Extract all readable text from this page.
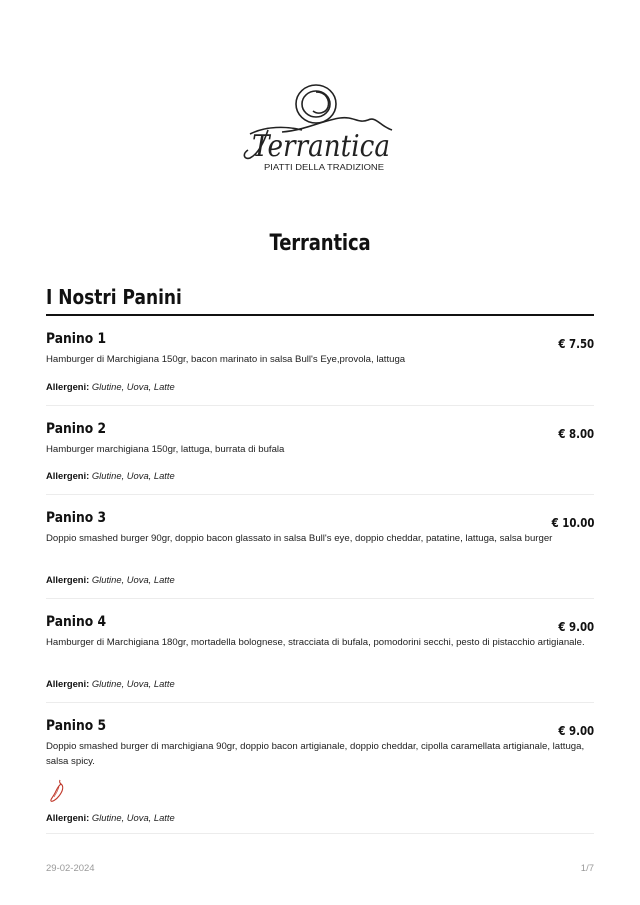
Terrantica
PIATTI DELLA TRADIZIONE
Terrantica
I Nostri Panini
Panino 1	€ 7.50
Hamburger di Marchigiana 150gr, bacon marinato in salsa Bull's Eye,provola, lattuga
Allergeni: Glutine, Uova, Latte
Panino 2	€ 8.00
Hamburger marchigiana 150gr, lattuga, burrata di bufala
Allergeni: Glutine, Uova, Latte
Panino 3	€ 10.00
Doppio smashed burger 90gr, doppio bacon glassato in salsa Bull's eye, doppio cheddar, patatine, lattuga, salsa burger
Allergeni: Glutine, Uova, Latte
Panino 4	€ 9.00
Hamburger di Marchigiana 180gr, mortadella bolognese, stracciata di bufala, pomodorini secchi, pesto di pistacchio artigianale.
Allergeni: Glutine, Uova, Latte
Panino 5	€ 9.00
Doppio smashed burger di marchigiana 90gr, doppio bacon artigianale, doppio cheddar, cipolla caramellata artigianale, lattuga, salsa spicy.
Allergeni: Glutine, Uova, Latte
29-02-2024	1/7
